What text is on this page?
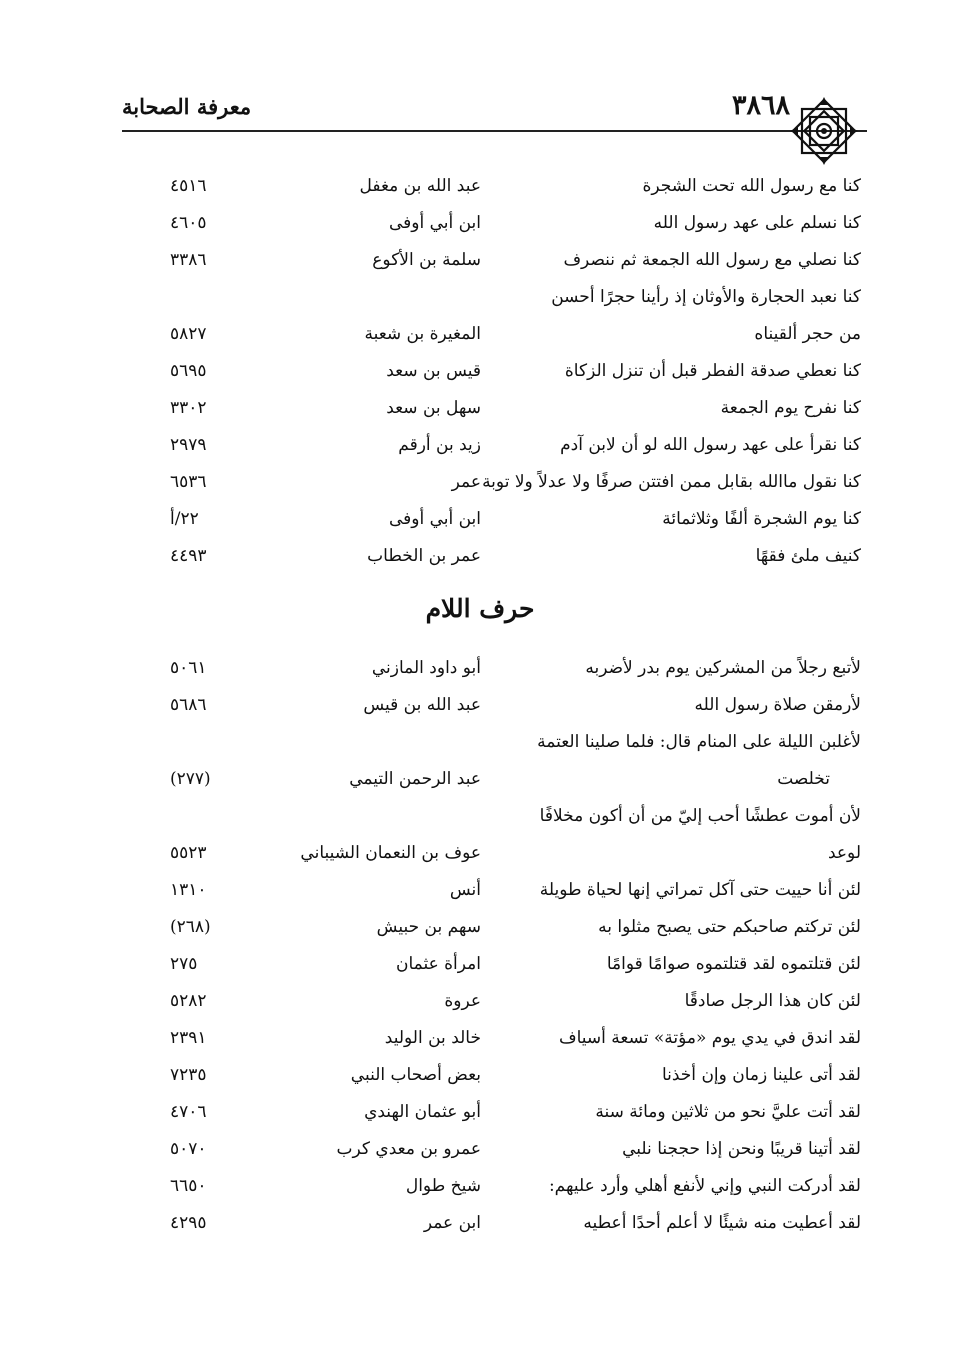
معرفة الصحابة	٣٨٦٨
كنا مع رسول الله تحت الشجرة
عبد الله بن مغفل
٤٥١٦
كنا نسلم على عهد رسول الله
ابن أبي أوفى
٤٦٠٥
كنا نصلي مع رسول الله الجمعة ثم ننصرف
سلمة بن الأكوع
٣٣٨٦
كنا نعبد الحجارة والأوثان إذ رأينا حجرًا أحسن
من حجر ألقيناه
المغيرة بن شعبة
٥٨٢٧
كنا نعطي صدقة الفطر قبل أن تنزل الزكاة
قيس بن سعد
٥٦٩٥
كنا نفرح يوم الجمعة
سهل بن سعد
٣٣٠٢
كنا نقرأ على عهد رسول الله لو أن لابن آدم
زيد بن أرقم
٢٩٧٩
كنا نقول ماالله بقابل ممن افتتن صرفًا ولا عدلاً ولا توبة
عمر
٦٥٣٦
كنا يوم الشجرة ألفًا وثلاثمائة
ابن أبي أوفى
٢٢/أ
كنيف ملئ فقهًا
عمر بن الخطاب
٤٤٩٣
حرف اللام
لأتبع رجلاً من المشركين يوم بدر لأضربه
أبو داود المازني
٥٠٦١
لأرمقن صلاة رسول الله
عبد الله بن قيس
٥٦٨٦
لأغلبن الليلة على المنام قال: فلما صلينا العتمة
تخلصت
عبد الرحمن التيمي
(٢٧٧)
لأن أموت عطشًا أحب إليّ من أن أكون مخلافًا
لوعد
عوف بن النعمان الشيباني
٥٥٢٣
لئن أنا حييت حتى آكل تمراتي إنها لحياة طويلة
أنس
١٣١٠
لئن تركتم صاحبكم حتى يصبح مثلوا به
سهم بن حبيش
(٢٦٨)
لئن قتلتموه لقد قتلتموه صوامًا قوامًا
امرأة عثمان
٢٧٥
لئن كان هذا الرجل صادقًا
عروة
٥٢٨٢
لقد اندق في يدي يوم «مؤتة» تسعة أسياف
خالد بن الوليد
٢٣٩١
لقد أتى علينا زمان وإن أخذنا
بعض أصحاب النبي
٧٢٣٥
لقد أتت عليَّ نحو من ثلاثين ومائة سنة
أبو عثمان الهندي
٤٧٠٦
لقد أتينا قريبًا ونحن إذا حججنا نلبي
عمرو بن معدي كرب
٥٠٧٠
لقد أدركت النبي وإني لأنفع أهلي وأرد عليهم:
شيخ طوال
٦٦٥٠
لقد أعطيت منه شيئًا لا أعلم أحدًا أعطيه
ابن عمر
٤٢٩٥
